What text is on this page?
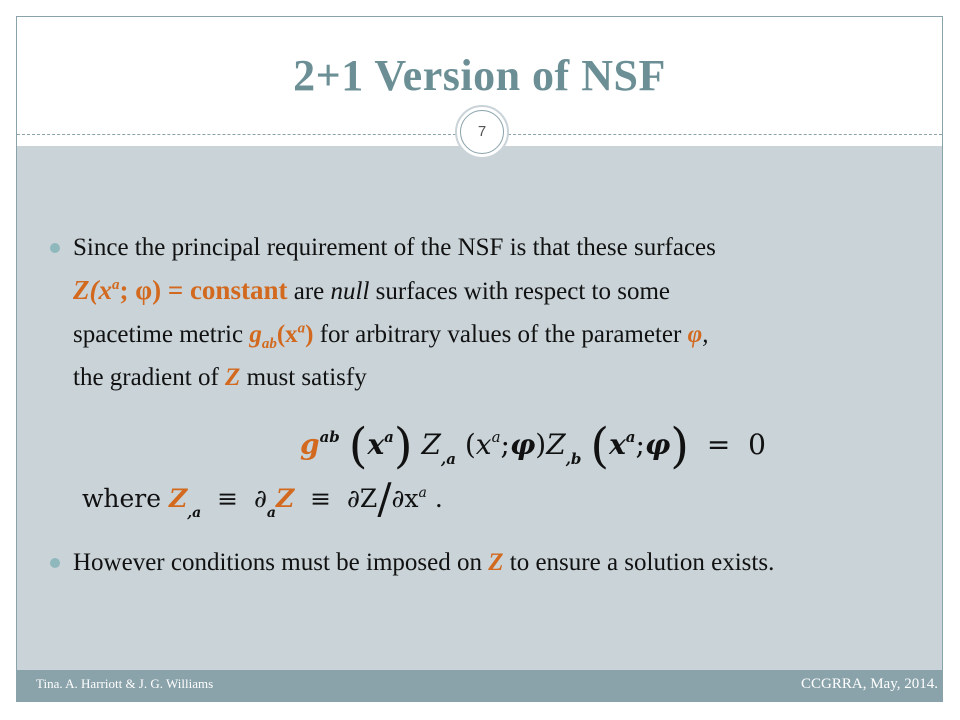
2+1 Version of NSF
7
Since the principal requirement of the NSF is that these surfaces
$Z(x^a$; φ) = constant are null surfaces with respect to some
spacetime metric $g_{ab}(x^a)$ for arbitrary values of the parameter φ,
the gradient of Z must satisfy
$g^{ab}$ $(x^a)$ $Z_{,a}$ $(x^a;\varphi)Z_{,b}$ $(x^a;\varphi) = 0$
where $Z_{,a} \equiv \partial_aZ \equiv \partial Z/\partial x^a$ .
However conditions must be imposed on Z to ensure a solution exists.
Tina. A. Harriott & J. G. Williams	CCGRRA, May, 2014.
